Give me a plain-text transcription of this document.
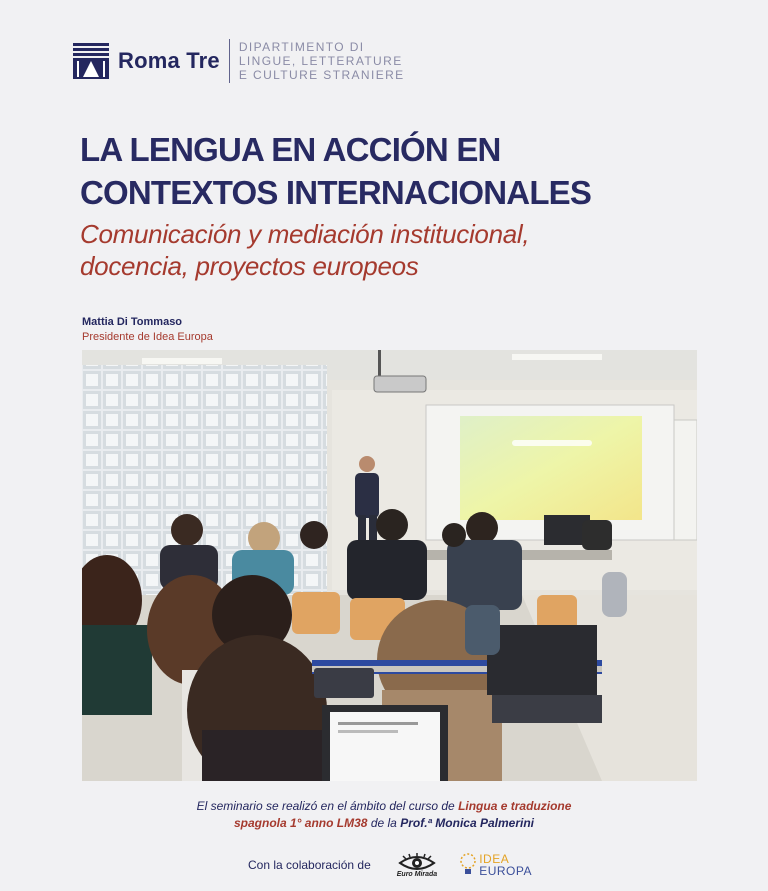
Roma Tre
DIPARTIMENTO DI
LINGUE, LETTERATURE
E CULTURE STRANIERE
LA LENGUA EN ACCIÓN EN
CONTEXTOS INTERNACIONALES
Comunicación y mediación institucional,
docencia, proyectos europeos
Mattia Di Tommaso
Presidente de Idea Europa
El seminario se realizó en el ámbito del curso de Lingua e traduzione
spagnola 1° anno LM38 de la Prof.ª Monica Palmerini
Con la colaboración de
Euro Mirada
IDEA
EUROPA
